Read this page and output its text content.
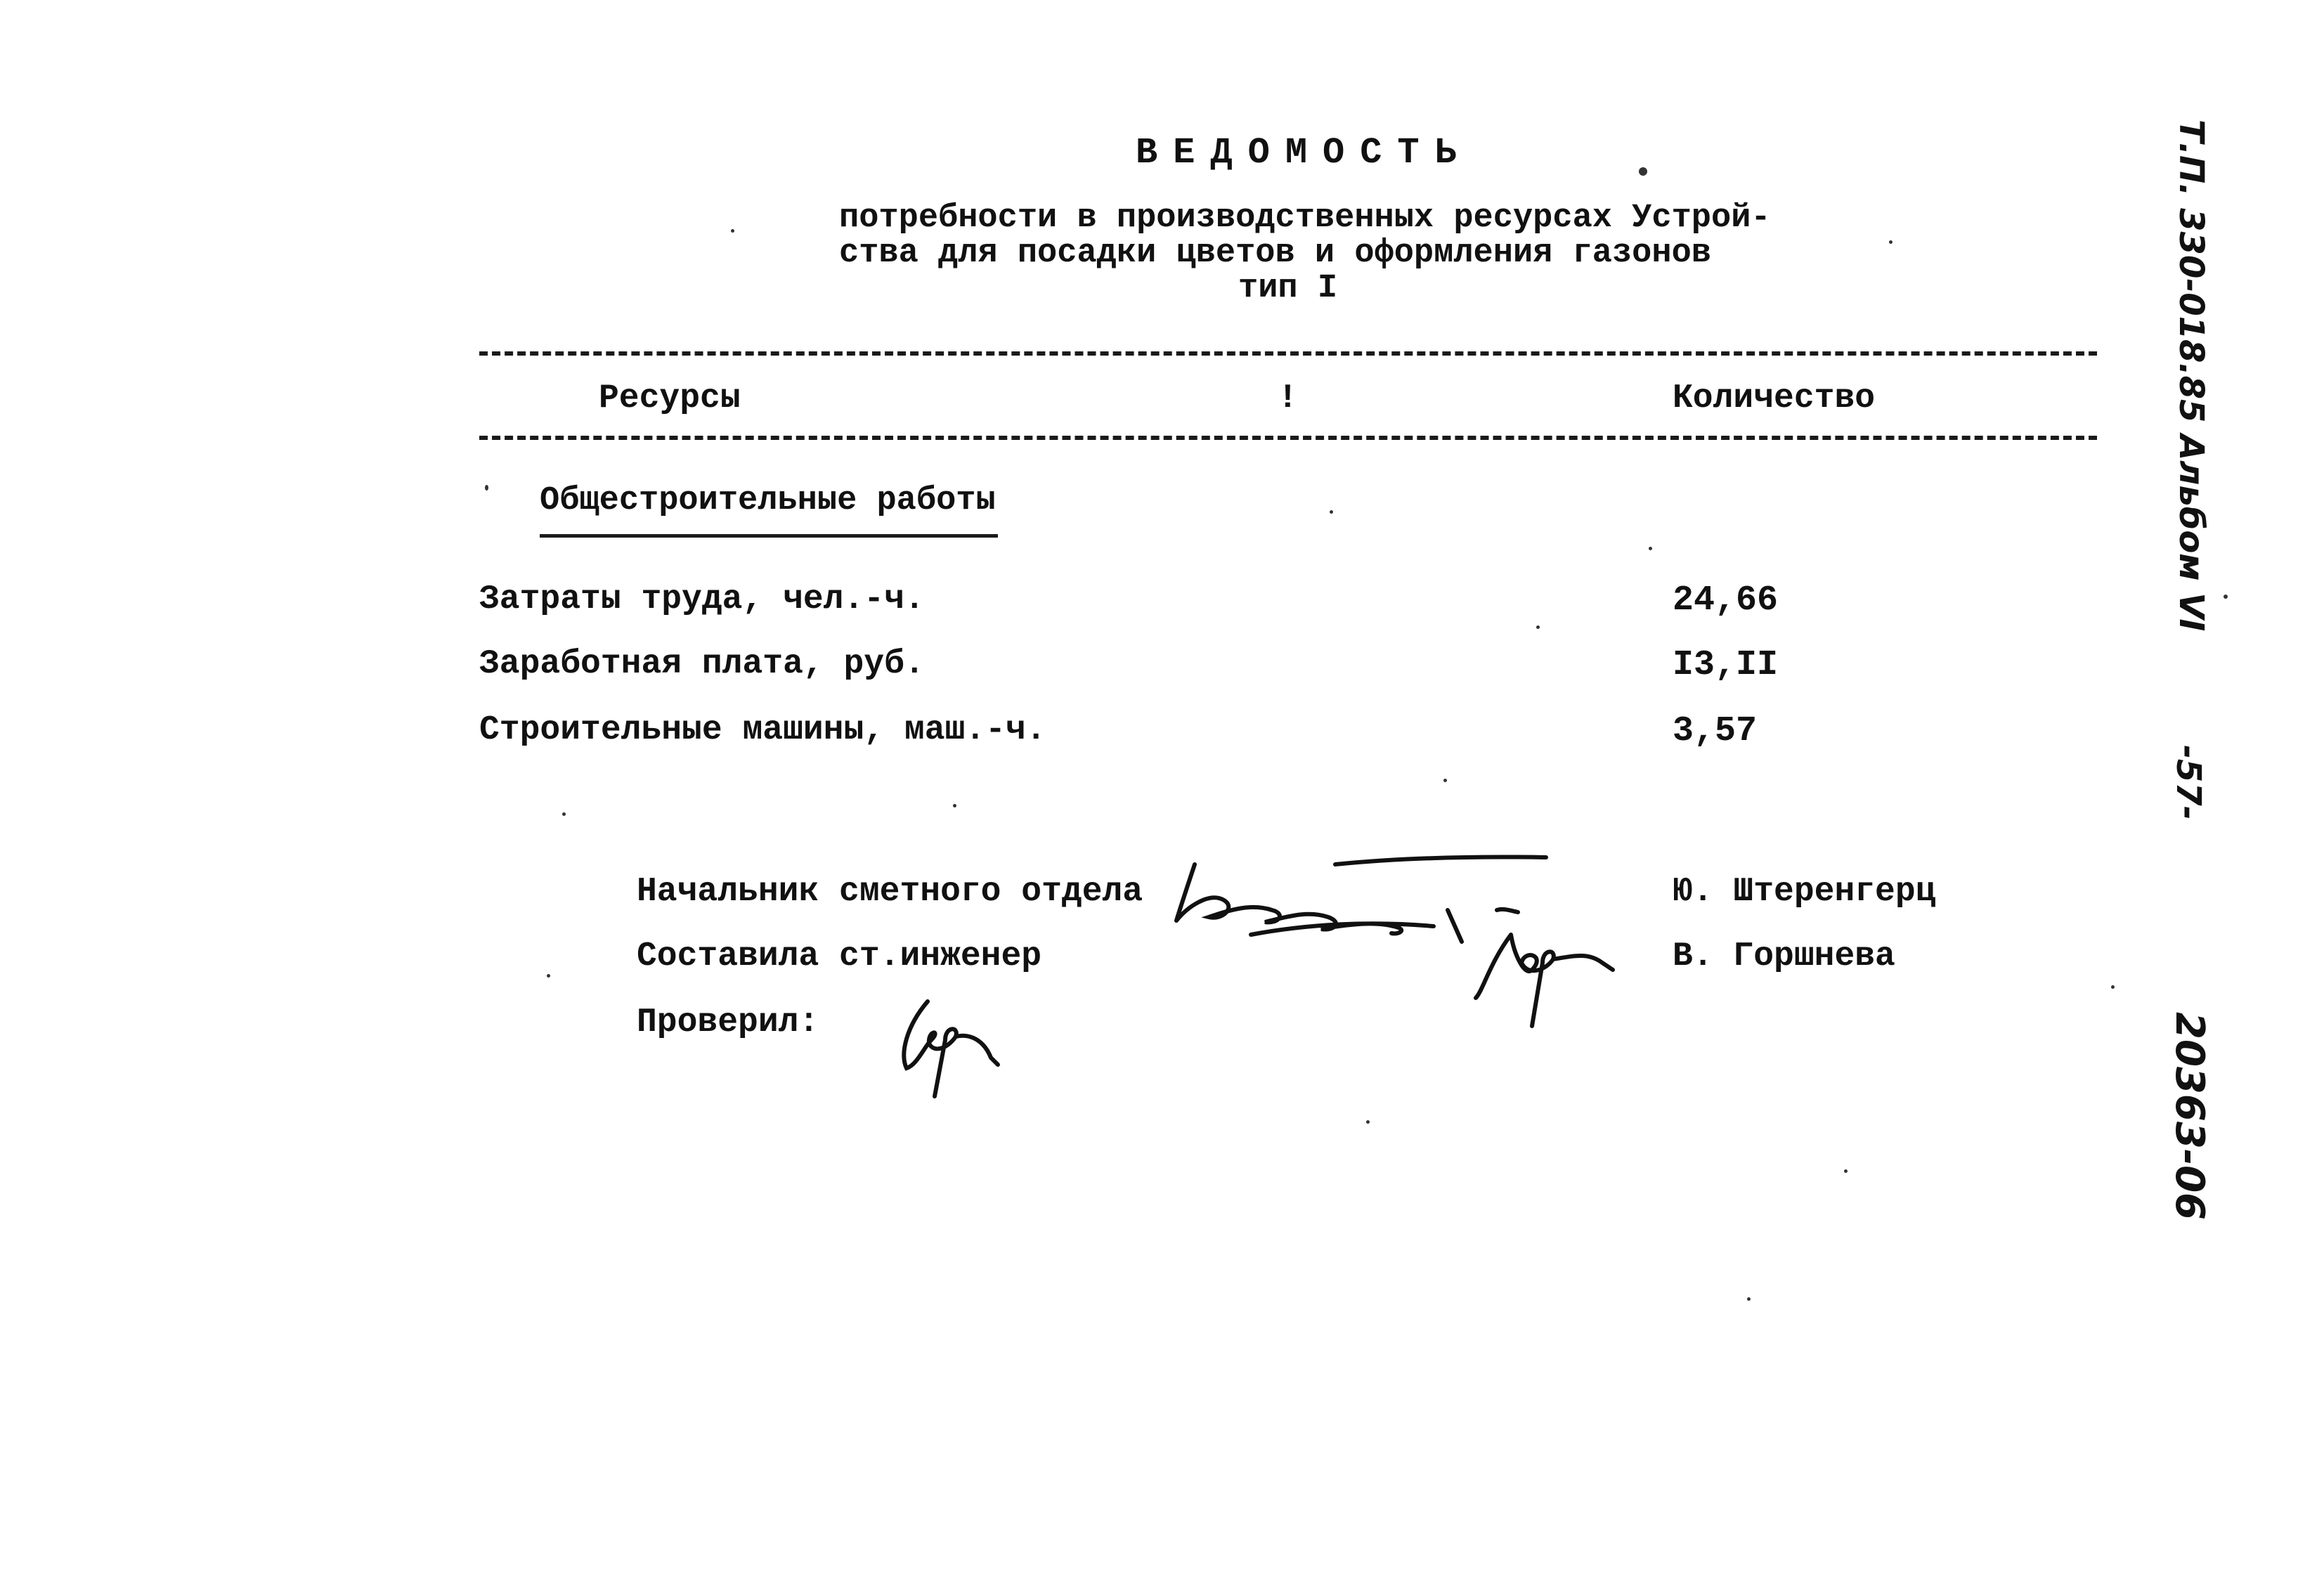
ВЕДОМОСТЬ
потребности в производственных ресурсах Устрой-
ства для посадки цветов и оформления газонов
тип I
Ресурсы	!	Количество
Общестроительные работы
Затраты труда, чел.-ч.	24,66
Заработная плата, руб.	I3,II
Строительные машины, маш.-ч.	3,57
Начальник сметного отдела	Ю. Штеренгерц
Составила ст.инженер	В. Горшнева
Проверил:
Т.П. 330-018.85 Альбом VI
-57-
20363-06
